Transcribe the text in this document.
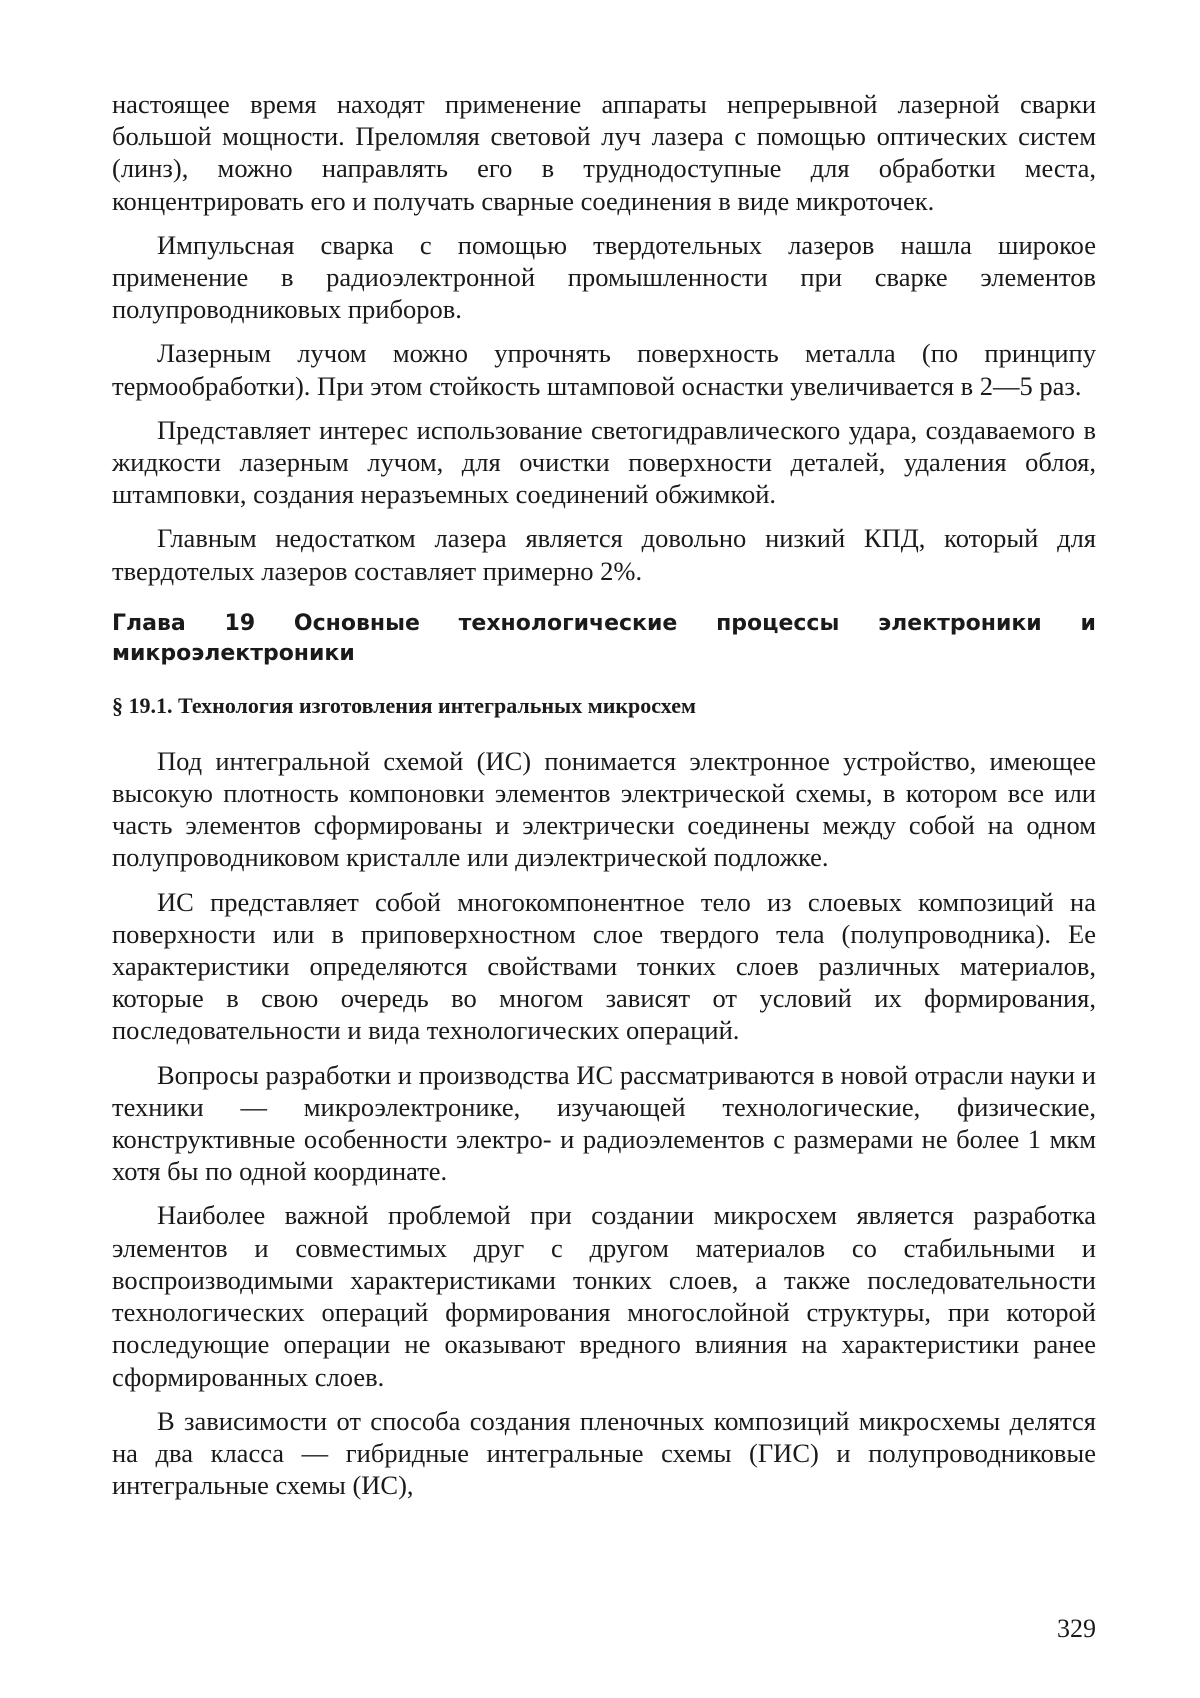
настоящее время находят применение аппараты непрерывной лазерной сварки большой мощности. Преломляя световой луч лазера с помощью оптических систем (линз), можно направлять его в труднодоступные для обработки места, концентрировать его и получать сварные соединения в виде микроточек.

Импульсная сварка с помощью твердотельных лазеров нашла широкое применение в радиоэлектронной промышленности при сварке элементов полупроводниковых приборов.

Лазерным лучом можно упрочнять поверхность металла (по принципу термообработки). При этом стойкость штамповой оснастки увеличивается в 2—5 раз.

Представляет интерес использование светогидравлического удара, создаваемого в жидкости лазерным лучом, для очистки поверхности деталей, удаления облоя, штамповки, создания неразъемных соединений обжимкой.

Главным недостатком лазера является довольно низкий КПД, который для твердотелых лазеров составляет примерно 2%.

Глава 19 Основные технологические процессы электроники и
микроэлектроники
§ 19.1. Технология изготовления интегральных микросхем

Под интегральной схемой (ИС) понимается электронное устройство, имеющее высокую плотность компоновки элементов электрической схемы, в котором все или часть элементов сформированы и электрически соединены между собой на одном полупроводниковом кристалле или диэлектрической подложке.

ИС представляет собой многокомпонентное тело из слоевых композиций на поверхности или в приповерхностном слое твердого тела (полупроводника). Ее характеристики определяются свойствами тонких слоев различных материалов, которые в свою очередь во многом зависят от условий их формирования, последовательности и вида технологических операций.

Вопросы разработки и производства ИС рассматриваются в новой отрасли науки и техники — микроэлектронике, изучающей технологические, физические, конструктивные особенности электро- и радиоэлементов с размерами не более 1 мкм хотя бы по одной координате.

Наиболее важной проблемой при создании микросхем является разработка элементов и совместимых друг с другом материалов со стабильными и воспроизводимыми характеристиками тонких слоев, а также последовательности технологических операций формирования многослойной структуры, при которой последующие операции не оказывают вредного влияния на характеристики ранее сформированных слоев.

В зависимости от способа создания пленочных композиций микросхемы делятся на два класса — гибридные интегральные схемы (ГИС) и полупроводниковые интегральные схемы (ИС),

329
